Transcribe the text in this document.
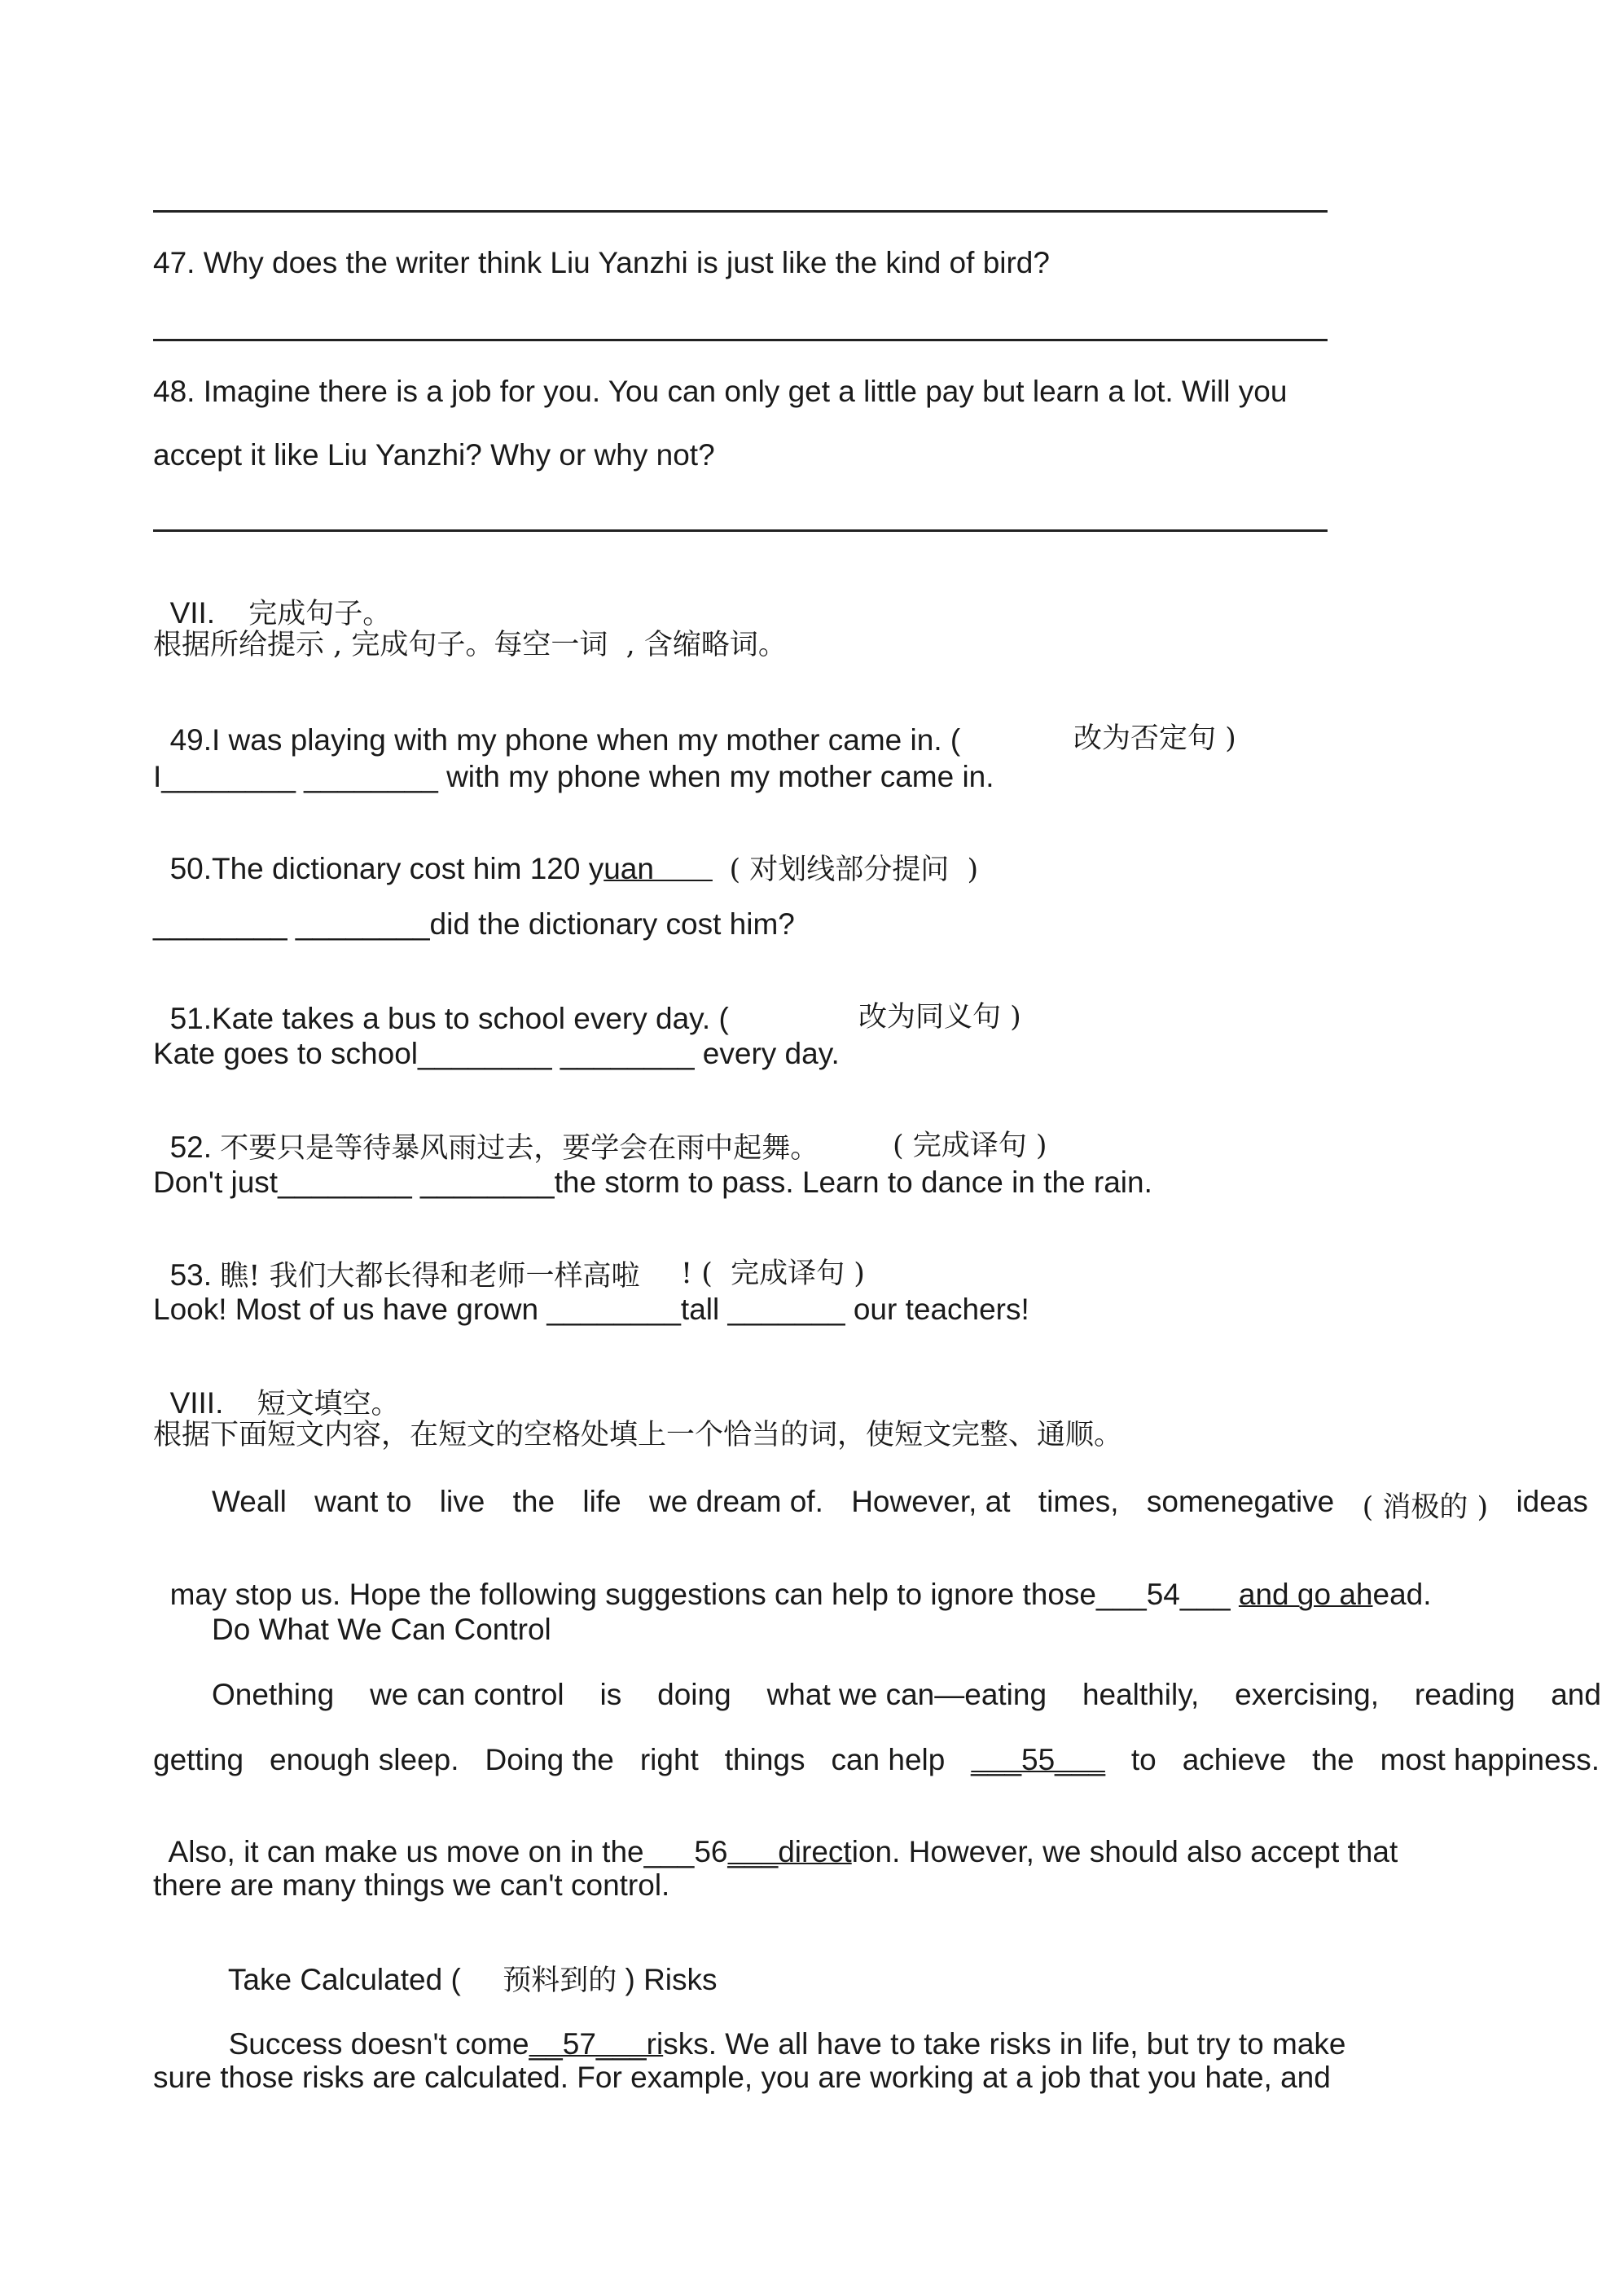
47. Why does the writer think Liu Yanzhi is just like the kind of bird?
48. Imagine there is a job for you. You can only get a little pay but learn a lot. Will you
accept it like Liu Yanzhi? Why or why not?

VII. 完成句子。

根据所给提示 , 完成句子。每空一词  , 含缩略词。

49.I was playing with my phone when my mother came in. (	改为否定句 )

I________ ________ with my phone when my mother came in.

50.The dictionary cost him 120 yuan         ( 对划线部分提问  )

________ ________did the dictionary cost him?

51.Kate takes a bus to school every day. (	改为同义句 )

Kate goes to school________ ________ every day.

52. 不要只是等待暴风雨过去，要学会在雨中起舞。	( 完成译句 )

Don't just________ ________the storm to pass. Learn to dance in the rain.

53. 瞧! 我们大都长得和老师一样高啦 ! (  完成译句 )

Look! Most of us have grown ________tall _______ our teachers!

VIII. 短文填空。

根据下面短文内容，在短文的空格处填上一个恰当的词，使短文完整、通顺。
Weall want to live the life we dream of. However, at times, somenegative ( 消极的 ) ideas

may stop us. Hope the following suggestions can help to ignore those___54___ and go ahead.

Do What We Can Control
Onething we can control is doing what we can—eating healthily, exercising, reading and
getting enough sleep. Doing the right things can help ___55___ to achieve the most happiness.

Also, it can make us move on in the___56___direction. However, we should also accept that

there are many things we can't control.

Take Calculated ( 预料到的 ) Risks

Success doesn't come__57___risks. We all have to take risks in life, but try to make

sure those risks are calculated. For example, you are working at a job that you hate, and
